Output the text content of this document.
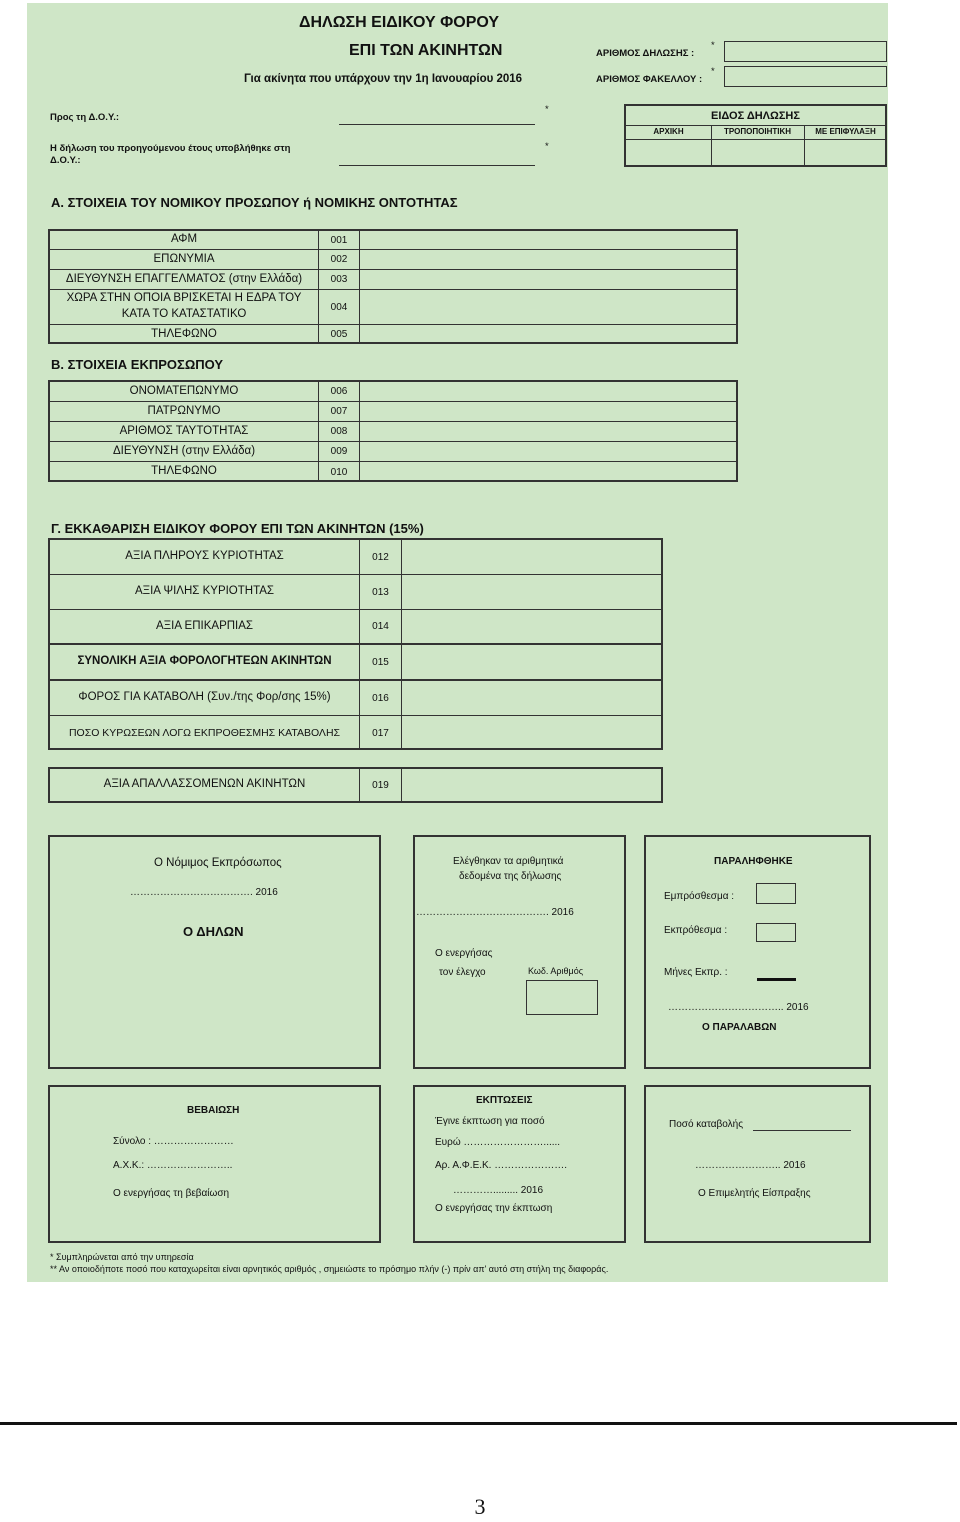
ΔΗΛΩΣΗ ΕΙΔΙΚΟΥ ΦΟΡΟΥ
ΕΠΙ ΤΩΝ ΑΚΙΝΗΤΩΝ
Για ακίνητα που υπάρχουν την 1η Ιανουαρίου 2016
ΑΡΙΘΜΟΣ ΔΗΛΩΣΗΣ :
*
ΑΡΙΘΜΟΣ ΦΑΚΕΛΛΟΥ :
*
Προς τη Δ.Ο.Υ.:
*
Η δήλωση του προηγούμενου έτους υποβλήθηκε στη
Δ.Ο.Υ.:
*
ΕΙΔΟΣ ΔΗΛΩΣΗΣ
ΑΡΧΙΚΗ	ΤΡΟΠΟΠΟΙΗΤΙΚΗ	ΜΕ ΕΠΙΦΥΛΑΞΗ
Α. ΣΤΟΙΧΕΙΑ ΤΟΥ ΝΟΜΙΚΟΥ ΠΡΟΣΩΠΟΥ ή ΝΟΜΙΚΗΣ ΟΝΤΟΤΗΤΑΣ
ΑΦΜ	001
ΕΠΩΝΥΜΙΑ	002
ΔΙΕΥΘΥΝΣΗ ΕΠΑΓΓΕΛΜΑΤΟΣ (στην Ελλάδα)	003
ΧΩΡΑ ΣΤΗΝ ΟΠΟΙΑ ΒΡΙΣΚΕΤΑΙ Η ΕΔΡΑ ΤΟΥ
ΚΑΤΑ ΤΟ ΚΑΤΑΣΤΑΤΙΚΟ
004
ΤΗΛΕΦΩΝΟ	005
Β. ΣΤΟΙΧΕΙΑ ΕΚΠΡΟΣΩΠΟΥ
ΟΝΟΜΑΤΕΠΩΝΥΜΟ	006
ΠΑΤΡΩΝΥΜΟ	007
ΑΡΙΘΜΟΣ ΤΑΥΤΟΤΗΤΑΣ	008
ΔΙΕΥΘΥΝΣΗ (στην Ελλάδα)	009
ΤΗΛΕΦΩΝΟ	010
Γ. ΕΚΚΑΘΑΡΙΣΗ ΕΙΔΙΚΟΥ ΦΟΡΟΥ ΕΠΙ ΤΩΝ ΑΚΙΝΗΤΩΝ (15%)
ΑΞΙΑ ΠΛΗΡΟΥΣ ΚΥΡΙΟΤΗΤΑΣ	012
ΑΞΙΑ ΨΙΛΗΣ ΚΥΡΙΟΤΗΤΑΣ	013
ΑΞΙΑ ΕΠΙΚΑΡΠΙΑΣ	014
ΣΥΝΟΛΙΚΗ ΑΞΙΑ ΦΟΡΟΛΟΓΗΤΕΩΝ ΑΚΙΝΗΤΩΝ	015
ΦΟΡΟΣ ΓΙΑ ΚΑΤΑΒΟΛΗ (Συν./της Φορ/σης 15%)	016
ΠΟΣΟ ΚΥΡΩΣΕΩΝ ΛΟΓΩ ΕΚΠΡΟΘΕΣΜΗΣ ΚΑΤΑΒΟΛΗΣ	017
ΑΞΙΑ ΑΠΑΛΛΑΣΣΟΜΕΝΩΝ ΑΚΙΝΗΤΩΝ	019
Ο Νόμιμος Εκπρόσωπος
………………………………. 2016
Ο ΔΗΛΩΝ
Ελέγθηκαν τα αριθμητικά
δεδομένα της δήλωσης
…………………………………. 2016
Ο ενεργήσας
τον έλεγχο	Κωδ. Αριθμός
ΠΑΡΑΛΗΦΘΗΚΕ
Εμπρόσθεσμα :
Εκπρόθεσμα :
Μήνες Εκπρ. :
…………………………….. 2016
Ο ΠΑΡΑΛΑΒΩΝ
ΒΕΒΑΙΩΣΗ
Σύνολο : ……………………
Α.Χ.Κ.: ……………………..
Ο ενεργήσας τη βεβαίωση
ΕΚΠΤΩΣΕΙΣ
Έγινε έκπτωση για ποσό
Ευρώ ……………………......
Αρ. Α.Φ.Ε.Κ. ………………….
…………......... 2016
Ο ενεργήσας την έκπτωση
Ποσό καταβολής
…………………….. 2016
Ο Επιμελητής Είσπραξης
* Συμπληρώνεται από την υπηρεσία
** Αν οποιοδήποτε ποσό που καταχωρείται είναι αρνητικός αριθμός , σημειώστε το πρόσημο πλήν (-) πρίν απ' αυτό στη στήλη της διαφοράς.
3
